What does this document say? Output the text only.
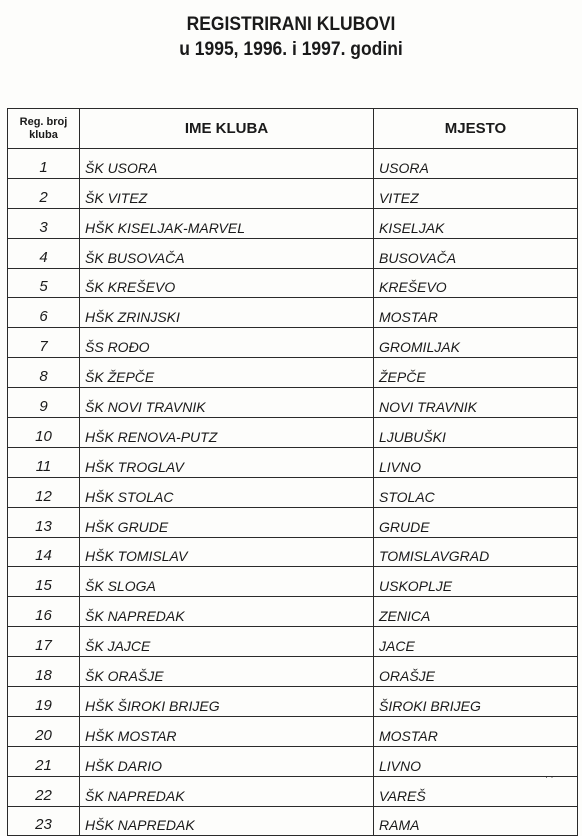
REGISTRIRANI KLUBOVI
u 1995, 1996. i 1997. godini
Reg. broj
kluba	IME KLUBA	MJESTO
1	ŠK USORA	USORA
2	ŠK VITEZ	VITEZ
3	HŠK KISELJAK-MARVEL	KISELJAK
4	ŠK BUSOVAČA	BUSOVAČA
5	ŠK KREŠEVO	KREŠEVO
6	HŠK ZRINJSKI	MOSTAR
7	ŠS ROĐO	GROMILJAK
8	ŠK ŽEPČE	ŽEPČE
9	ŠK NOVI TRAVNIK	NOVI TRAVNIK
10	HŠK RENOVA-PUTZ	LJUBUŠKI
11	HŠK TROGLAV	LIVNO
12	HŠK STOLAC	STOLAC
13	HŠK GRUDE	GRUDE
14	HŠK TOMISLAV	TOMISLAVGRAD
15	ŠK SLOGA	USKOPLJE
16	ŠK NAPREDAK	ZENICA
17	ŠK JAJCE	JACE
18	ŠK ORAŠJE	ORAŠJE
19	HŠK ŠIROKI BRIJEG	ŠIROKI BRIJEG
20	HŠK MOSTAR	MOSTAR
21	HŠK DARIO	LIVNO
22	ŠK NAPREDAK	VAREŠ
23	HŠK NAPREDAK	RAMA
· ·
